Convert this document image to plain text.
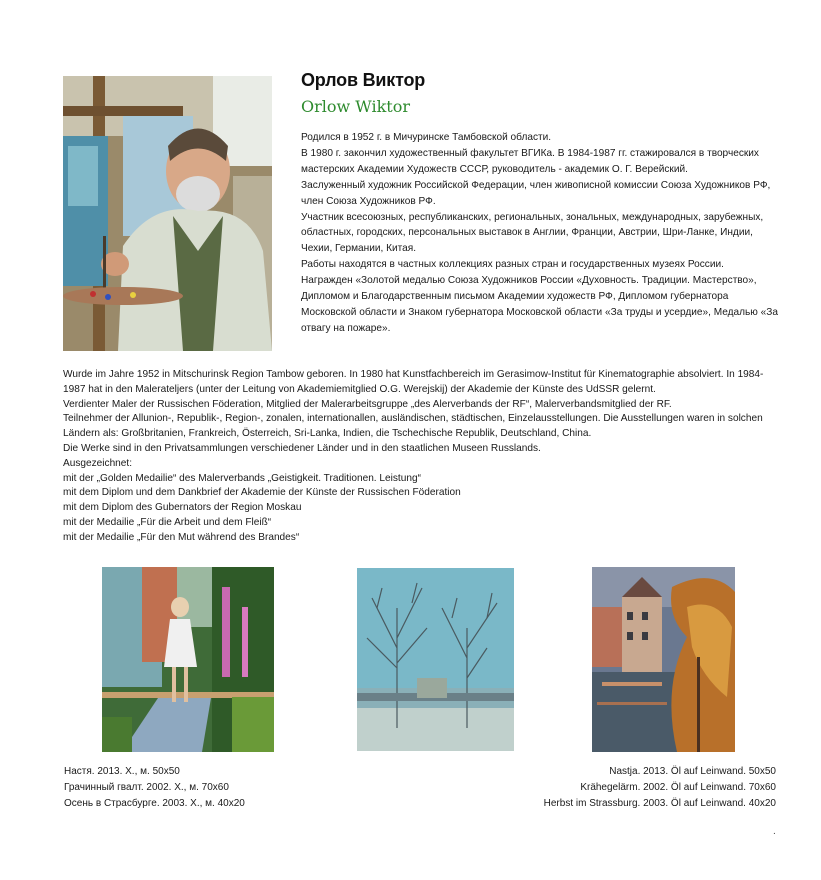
Орлов Виктор
Orlow Wiktor

Родился в 1952 г. в Мичуринске Тамбовской области.

В 1980 г. закончил художественный факультет ВГИКа. В 1984-1987 гг. стажировался в творческих мастерских Академии Художеств СССР, руководитель - академик О. Г. Верейский.

Заслуженный художник Российской Федерации, член живописной комиссии Союза Художников РФ, член Союза Художников РФ.

Участник всесоюзных, республиканских, региональных, зональных, международных, зарубежных, областных, городских, персональных выставок в Англии, Франции, Австрии, Шри-Ланке, Индии, Чехии, Германии, Китая.

Работы находятся в частных коллекциях разных стран и государственных музеях России.

Награжден «Золотой медалью Союза Художников России «Духовность. Традиции. Мастерство», Дипломом и Благодарственным письмом Академии художеств РФ, Дипломом губернатора Московской области и Знаком губернатора Московской области «За труды и усердие», Медалью «За отвагу на пожаре».

Wurde im Jahre 1952 in Mitschurinsk Region Tambow geboren. In 1980 hat Kunstfachbereich im Gerasimow-Institut für Kinematographie absolviert. In 1984-1987 hat in den Malerateljers (unter der Leitung von Akademiemitglied O.G. Werejskij) der Akademie der Künste des UdSSR gelernt.

Verdienter Maler der Russischen Föderation, Mitglied der Malerarbeitsgruppe „des Alerverbands der RF“, Malerverbandsmitglied der RF.

Teilnehmer der Allunion-, Republik-, Region-, zonalen, internationallen, ausländischen, städtischen, Einzelausstellungen. Die Ausstellungen waren in solchen Ländern als: Großbritanien, Frankreich, Österreich, Sri-Lanka, Indien, die Tschechische Republik, Deutschland, China.

Die Werke sind in den Privatsammlungen verschiedener Länder und in den staatlichen Museen Russlands.

Ausgezeichnet:

mit der „Golden Medailie“ des Malerverbands „Geistigkeit. Traditionen. Leistung“

mit dem Diplom und dem Dankbrief der Akademie der Künste der Russischen Föderation

mit dem Diplom des Gubernators der Region Moskau

mit der Medailie „Für die Arbeit und dem Fleiß“

mit der Medailie „Für den Mut während des Brandes“

Настя. 2013. Х., м. 50х50
Грачинный гвалт. 2002. Х., м. 70х60
Осень в Страсбурге. 2003. Х., м. 40х20
Nastja. 2013. Öl auf Leinwand. 50x50
Krähegelärm. 2002. Öl auf Leinwand. 70x60
Herbst im Strassburg. 2003. Öl auf Leinwand. 40x20
.
